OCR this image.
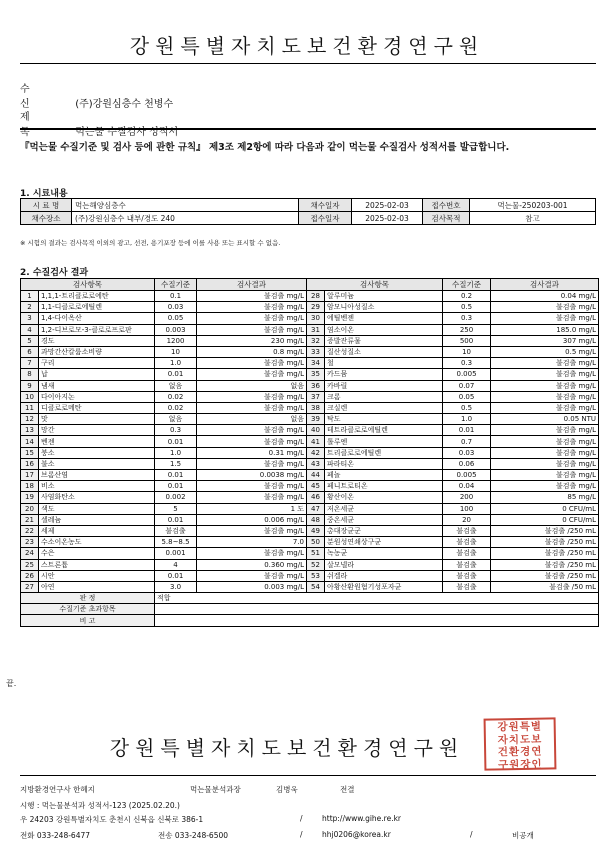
강원특별자치도보건환경연구원
수 신	(주)강원심층수 천병수
제 목	먹는물 수질검사 성적서
『먹는물 수질기준 및 검사 등에 관한 규칙』 제3조 제2항에 따라 다음과 같이 먹는물 수질검사 성적서를 발급합니다.
1. 시료내용
시 료 명	먹는해양심층수	채수일자	2025-02-03	접수번호	먹는물-250203-001
채수장소	(주)강원심층수 내부/경도 240	접수일자	2025-02-03	검사목적	참고
※ 시험의 결과는 검사목적 이외의 광고, 선전, 용기포장 등에 이를 사용 또는 표시할 수 없음.
2. 수질검사 결과
검사항목		수질기준	검사결과	검사항목		수질기준	검사결과
1	1,1,1-트리클로로에탄	0.1	불검출 mg/L	28	알루미늄	0.2	0.04 mg/L
2	1,1-디클로로에틸렌	0.03	불검출 mg/L	29	암모니아성질소	0.5	불검출 mg/L
3	1,4-다이옥산	0.05	불검출 mg/L	30	에틸벤젠	0.3	불검출 mg/L
4	1,2-디브로모-3-클로로프로판	0.003	불검출 mg/L	31	염소이온	250	185.0 mg/L
5	경도	1200	230 mg/L	32	증발잔류물	500	307 mg/L
6	과망간산칼륨소비량	10	0.8 mg/L	33	질산성질소	10	0.5 mg/L
7	구리	1.0	불검출 mg/L	34	철	0.3	불검출 mg/L
8	납	0.01	불검출 mg/L	35	카드뮴	0.005	불검출 mg/L
9	냄새	없음	없음	36	카바릴	0.07	불검출 mg/L
10	다이아지논	0.02	불검출 mg/L	37	크롬	0.05	불검출 mg/L
11	디클로로메탄	0.02	불검출 mg/L	38	크실렌	0.5	불검출 mg/L
12	맛	없음	없음	39	탁도	1.0	0.05 NTU
13	망간	0.3	불검출 mg/L	40	테트라클로로에틸렌	0.01	불검출 mg/L
14	벤젠	0.01	불검출 mg/L	41	톨루엔	0.7	불검출 mg/L
15	붕소	1.0	0.31 mg/L	42	트리클로로에틸렌	0.03	불검출 mg/L
16	불소	1.5	불검출 mg/L	43	파라티온	0.06	불검출 mg/L
17	브롬산염	0.01	0.0038 mg/L	44	페놀	0.005	불검출 mg/L
18	비소	0.01	불검출 mg/L	45	페니트로티온	0.04	불검출 mg/L
19	사염화탄소	0.002	불검출 mg/L	46	황산이온	200	85 mg/L
20	색도	5	1 도	47	저온세균	100	0 CFU/mL
21	셀레늄	0.01	0.006 mg/L	48	중온세균	20	0 CFU/mL
22	세제	불검출	불검출 mg/L	49	총대장균군	불검출	불검출 /250 mL
23	수소이온농도	5.8~8.5	7.0	50	분원성연쇄상구균	불검출	불검출 /250 mL
24	수은	0.001	불검출 mg/L	51	녹농균	불검출	불검출 /250 mL
25	스트론튬	4	0.360 mg/L	52	살모넬라	불검출	불검출 /250 mL
26	시안	0.01	불검출 mg/L	53	쉬겔라	불검출	불검출 /250 mL
27	아연	3.0	0.003 mg/L	54	아황산환원혐기성포자균	불검출	불검출 /50 mL
판 정		적합					
수질기준 초과항목							
비 고							
끝.
강원특별자치도보건환경연구원
강원특별
자치도보
건환경연
구원장인
지방환경연구사 한혜지	먹는물분석과장	김병욱	전결
시행 : 먹는물분석과 성적서-123 (2025.02.20.)
우 24203 강원특별자치도 춘천시 신북읍 신북로 386-1	/	http://www.gihe.re.kr
전화 033-248-6477	전송 033-248-6500	/	hhj0206@korea.kr	/	비공개
